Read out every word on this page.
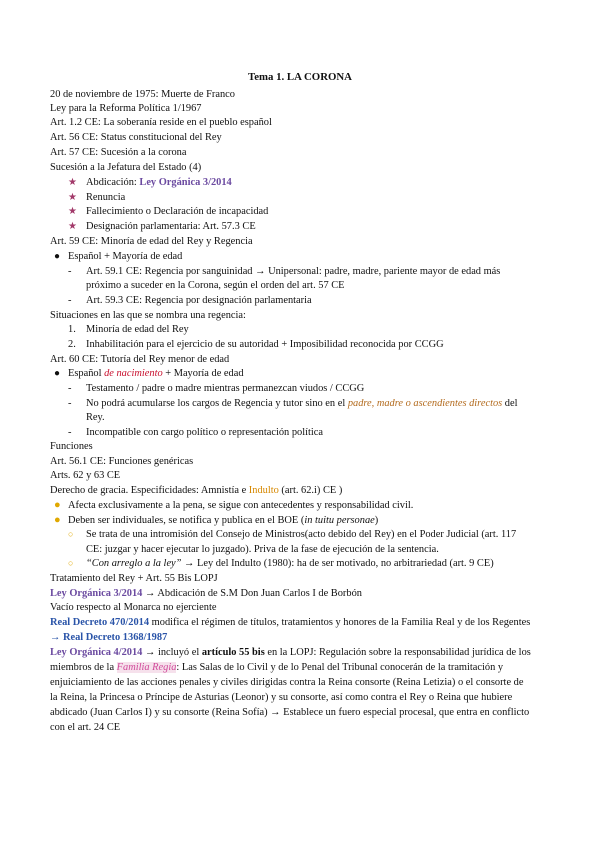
Tema 1. LA CORONA
20 de noviembre de 1975: Muerte de Franco
Ley para la Reforma Política 1/1967
Art. 1.2 CE: La soberanía reside en el pueblo español
Art. 56 CE: Status constitucional del Rey
Art. 57 CE: Sucesión a la corona
Sucesión a la Jefatura del Estado (4)
★ Abdicación: Ley Orgánica 3/2014
★ Renuncia
★ Fallecimiento o Declaración de incapacidad
★ Designación parlamentaria: Art. 57.3 CE
Art. 59 CE: Minoría de edad del Rey y Regencia
● Español + Mayoría de edad
- Art. 59.1 CE: Regencia por sanguinidad → Unipersonal: padre, madre, pariente mayor de edad más
próximo a suceder en la Corona, según el orden del art. 57 CE
- Art. 59.3 CE: Regencia por designación parlamentaria
Situaciones en las que se nombra una regencia:
1. Minoría de edad del Rey
2. Inhabilitación para el ejercicio de su autoridad + Imposibilidad reconocida por CCGG
Art. 60 CE: Tutoría del Rey menor de edad
● Español de nacimiento + Mayoría de edad
- Testamento / padre o madre mientras permanezcan viudos / CCGG
- No podrá acumularse los cargos de Regencia y tutor sino en el padre, madre o ascendientes directos del
Rey.
- Incompatible con cargo político o representación política
Funciones
Art. 56.1 CE: Funciones genéricas
Arts. 62 y 63 CE
Derecho de gracia. Especificidades: Amnistía e Indulto (art. 62.i) CE )
● Afecta exclusivamente a la pena, se sigue con antecedentes y responsabilidad civil.
● Deben ser individuales, se notifica y publica en el BOE (in tuitu personae)
○ Se trata de una intromisión del Consejo de Ministros(acto debido del Rey) en el Poder Judicial (art. 117
CE: juzgar y hacer ejecutar lo juzgado). Priva de la fase de ejecución de la sentencia.
○ “Con arreglo a la ley” → Ley del Indulto (1980): ha de ser motivado, no arbitrariedad (art. 9 CE)
Tratamiento del Rey + Art. 55 Bis LOPJ
Ley Orgánica 3/2014 → Abdicación de S.M Don Juan Carlos I de Borbón
Vacío respecto al Monarca no ejerciente
Real Decreto 470/2014 modifica el régimen de títulos, tratamientos y honores de la Familia Real y de los Regentes
→ Real Decreto 1368/1987
Ley Orgánica 4/2014 → incluyó el artículo 55 bis en la LOPJ: Regulación sobre la responsabilidad jurídica de los
miembros de la Familia Regia: Las Salas de lo Civil y de lo Penal del Tribunal conocerán de la tramitación y
enjuiciamiento de las acciones penales y civiles dirigidas contra la Reina consorte (Reina Letizia) o el consorte de
la Reina, la Princesa o Príncipe de Asturias (Leonor) y su consorte, así como contra el Rey o Reina que hubiere
abdicado (Juan Carlos I) y su consorte (Reina Sofía) → Establece un fuero especial procesal, que entra en conflicto
con el art. 24 CE
